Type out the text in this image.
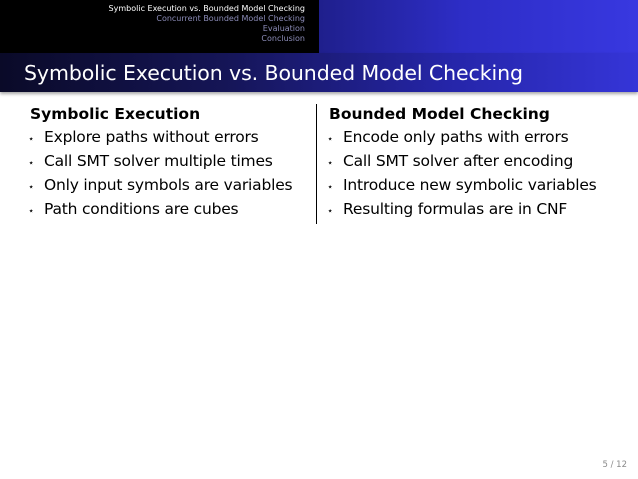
Symbolic Execution vs. Bounded Model Checking
Concurrent Bounded Model Checking
Evaluation
Conclusion
Symbolic Execution vs. Bounded Model Checking
Symbolic Execution
⋆ Explore paths without errors
⋆ Call SMT solver multiple times
⋆ Only input symbols are variables
⋆ Path conditions are cubes
Bounded Model Checking
⋆ Encode only paths with errors
⋆ Call SMT solver after encoding
⋆ Introduce new symbolic variables
⋆ Resulting formulas are in CNF
5 / 12
